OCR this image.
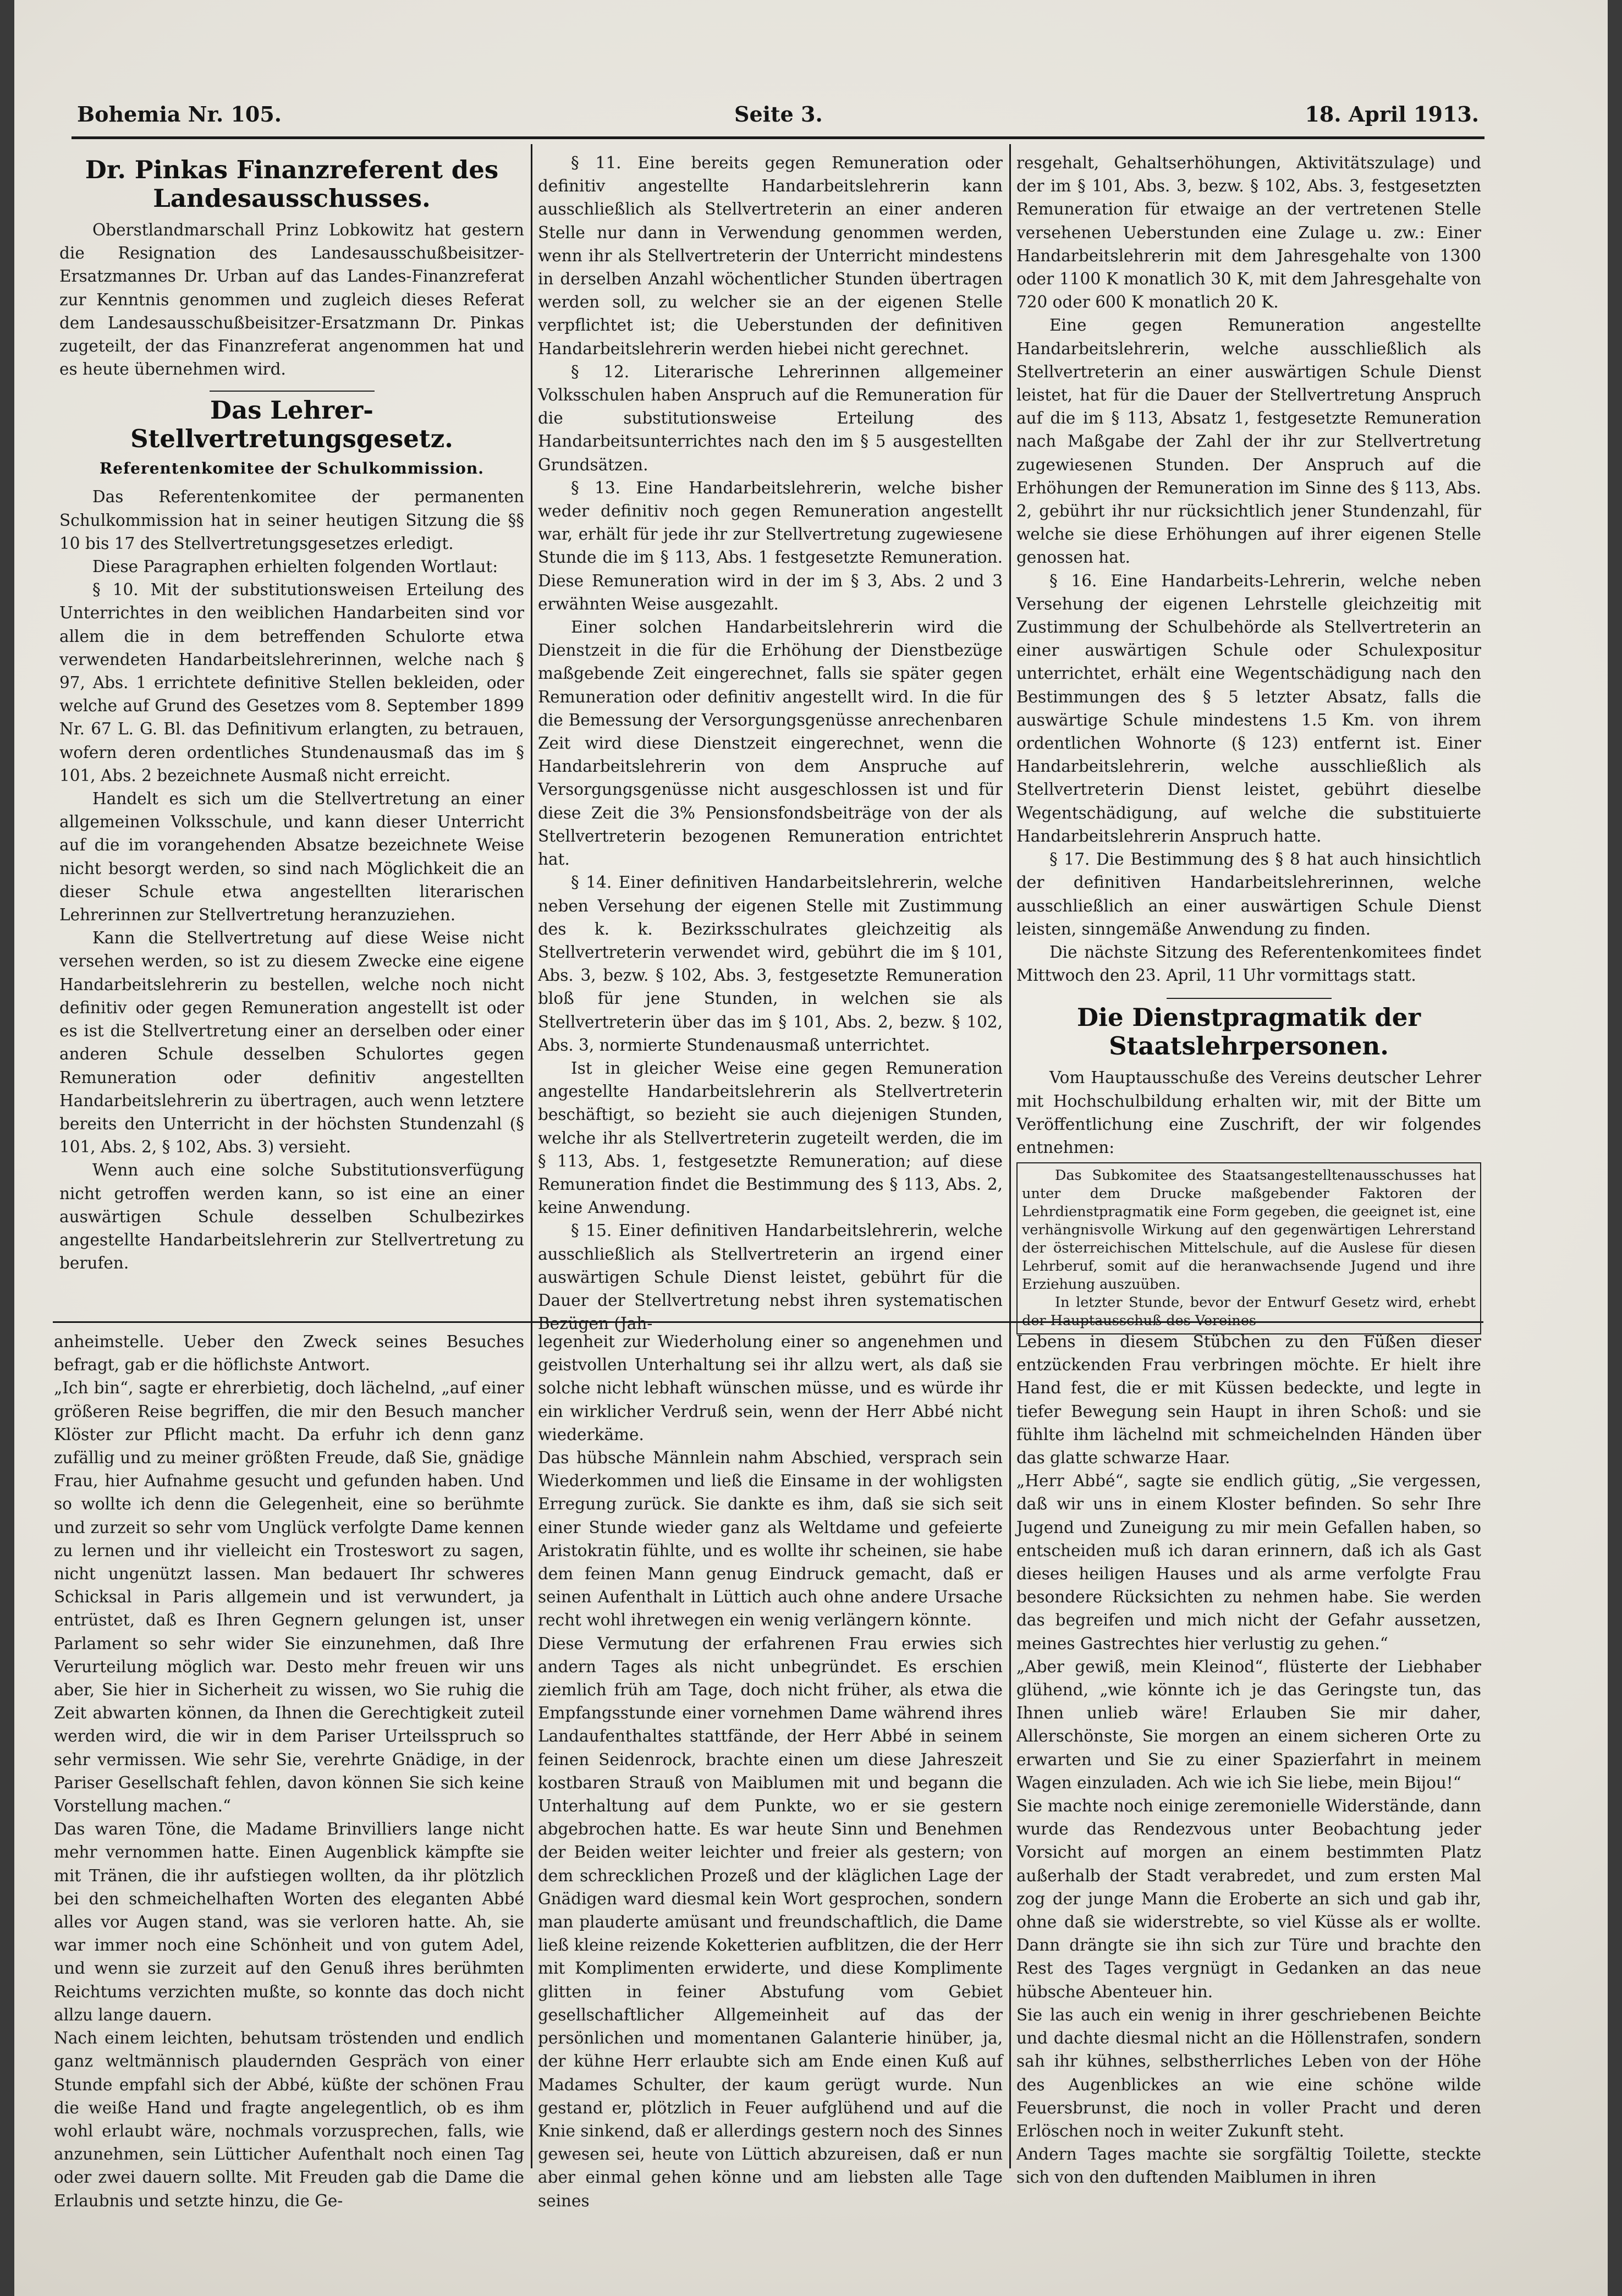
Bohemia Nr. 105.	Seite 3.	18. April 1913.
Dr. Pinkas Finanzreferent des Landesausschusses.

Oberstlandmarschall Prinz Lobkowitz hat gestern die Resignation des Landesausschußbeisitzer-Ersatzmannes Dr. Urban auf das Landes-Finanzreferat zur Kenntnis genommen und zugleich dieses Referat dem Landesausschußbeisitzer-Ersatzmann Dr. Pinkas zugeteilt, der das Finanzreferat angenommen hat und es heute übernehmen wird.

Das Lehrer-Stellvertretungsgesetz.
Referentenkomitee der Schulkommission.

Das Referentenkomitee der permanenten Schulkommission hat in seiner heutigen Sitzung die §§ 10 bis 17 des Stellvertretungsgesetzes erledigt.

Diese Paragraphen erhielten folgenden Wortlaut:

§ 10. Mit der substitutionsweisen Erteilung des Unterrichtes in den weiblichen Handarbeiten sind vor allem die in dem betreffenden Schulorte etwa verwendeten Handarbeitslehrerinnen, welche nach § 97, Abs. 1 errichtete definitive Stellen bekleiden, oder welche auf Grund des Gesetzes vom 8. September 1899 Nr. 67 L. G. Bl. das Definitivum erlangten, zu betrauen, wofern deren ordentliches Stundenausmaß das im § 101, Abs. 2 bezeichnete Ausmaß nicht erreicht.

Handelt es sich um die Stellvertretung an einer allgemeinen Volksschule, und kann dieser Unterricht auf die im vorangehenden Absatze bezeichnete Weise nicht besorgt werden, so sind nach Möglichkeit die an dieser Schule etwa angestellten literarischen Lehrerinnen zur Stellvertretung heranzuziehen.

Kann die Stellvertretung auf diese Weise nicht versehen werden, so ist zu diesem Zwecke eine eigene Handarbeitslehrerin zu bestellen, welche noch nicht definitiv oder gegen Remuneration angestellt ist oder es ist die Stellvertretung einer an derselben oder einer anderen Schule desselben Schulortes gegen Remuneration oder definitiv angestellten Handarbeitslehrerin zu übertragen, auch wenn letztere bereits den Unterricht in der höchsten Stundenzahl (§ 101, Abs. 2, § 102, Abs. 3) versieht.

Wenn auch eine solche Substitutionsverfügung nicht getroffen werden kann, so ist eine an einer auswärtigen Schule desselben Schulbezirkes angestellte Handarbeitslehrerin zur Stellvertretung zu berufen.

§ 11. Eine bereits gegen Remuneration oder definitiv angestellte Handarbeitslehrerin kann ausschließlich als Stellvertreterin an einer anderen Stelle nur dann in Verwendung genommen werden, wenn ihr als Stellvertreterin der Unterricht mindestens in derselben Anzahl wöchentlicher Stunden übertragen werden soll, zu welcher sie an der eigenen Stelle verpflichtet ist; die Ueberstunden der definitiven Handarbeitslehrerin werden hiebei nicht gerechnet.

§ 12. Literarische Lehrerinnen allgemeiner Volksschulen haben Anspruch auf die Remuneration für die substitutionsweise Erteilung des Handarbeitsunterrichtes nach den im § 5 ausgestellten Grundsätzen.

§ 13. Eine Handarbeitslehrerin, welche bisher weder definitiv noch gegen Remuneration angestellt war, erhält für jede ihr zur Stellvertretung zugewiesene Stunde die im § 113, Abs. 1 festgesetzte Remuneration. Diese Remuneration wird in der im § 3, Abs. 2 und 3 erwähnten Weise ausgezahlt.

Einer solchen Handarbeitslehrerin wird die Dienstzeit in die für die Erhöhung der Dienstbezüge maßgebende Zeit eingerechnet, falls sie später gegen Remuneration oder definitiv angestellt wird. In die für die Bemessung der Versorgungsgenüsse anrechenbaren Zeit wird diese Dienstzeit eingerechnet, wenn die Handarbeitslehrerin von dem Anspruche auf Versorgungsgenüsse nicht ausgeschlossen ist und für diese Zeit die 3% Pensionsfondsbeiträge von der als Stellvertreterin bezogenen Remuneration entrichtet hat.

§ 14. Einer definitiven Handarbeitslehrerin, welche neben Versehung der eigenen Stelle mit Zustimmung des k. k. Bezirksschulrates gleichzeitig als Stellvertreterin verwendet wird, gebührt die im § 101, Abs. 3, bezw. § 102, Abs. 3, festgesetzte Remuneration bloß für jene Stunden, in welchen sie als Stellvertreterin über das im § 101, Abs. 2, bezw. § 102, Abs. 3, normierte Stundenausmaß unterrichtet.

Ist in gleicher Weise eine gegen Remuneration angestellte Handarbeitslehrerin als Stellvertreterin beschäftigt, so bezieht sie auch diejenigen Stunden, welche ihr als Stellvertreterin zugeteilt werden, die im § 113, Abs. 1, festgesetzte Remuneration; auf diese Remuneration findet die Bestimmung des § 113, Abs. 2, keine Anwendung.

§ 15. Einer definitiven Handarbeitslehrerin, welche ausschließlich als Stellvertreterin an irgend einer auswärtigen Schule Dienst leistet, gebührt für die Dauer der Stellvertretung nebst ihren systematischen Bezügen (Jah-

resgehalt, Gehaltserhöhungen, Aktivitätszulage) und der im § 101, Abs. 3, bezw. § 102, Abs. 3, festgesetzten Remuneration für etwaige an der vertretenen Stelle versehenen Ueberstunden eine Zulage u. zw.: Einer Handarbeitslehrerin mit dem Jahresgehalte von 1300 oder 1100 K monatlich 30 K, mit dem Jahresgehalte von 720 oder 600 K monatlich 20 K.

Eine gegen Remuneration angestellte Handarbeitslehrerin, welche ausschließlich als Stellvertreterin an einer auswärtigen Schule Dienst leistet, hat für die Dauer der Stellvertretung Anspruch auf die im § 113, Absatz 1, festgesetzte Remuneration nach Maßgabe der Zahl der ihr zur Stellvertretung zugewiesenen Stunden. Der Anspruch auf die Erhöhungen der Remuneration im Sinne des § 113, Abs. 2, gebührt ihr nur rücksichtlich jener Stundenzahl, für welche sie diese Erhöhungen auf ihrer eigenen Stelle genossen hat.

§ 16. Eine Handarbeits-Lehrerin, welche neben Versehung der eigenen Lehrstelle gleichzeitig mit Zustimmung der Schulbehörde als Stellvertreterin an einer auswärtigen Schule oder Schulexpositur unterrichtet, erhält eine Wegentschädigung nach den Bestimmungen des § 5 letzter Absatz, falls die auswärtige Schule mindestens 1.5 Km. von ihrem ordentlichen Wohnorte (§ 123) entfernt ist. Einer Handarbeitslehrerin, welche ausschließlich als Stellvertreterin Dienst leistet, gebührt dieselbe Wegentschädigung, auf welche die substituierte Handarbeitslehrerin Anspruch hatte.

§ 17. Die Bestimmung des § 8 hat auch hinsichtlich der definitiven Handarbeitslehrerinnen, welche ausschließlich an einer auswärtigen Schule Dienst leisten, sinngemäße Anwendung zu finden.

Die nächste Sitzung des Referentenkomitees findet Mittwoch den 23. April, 11 Uhr vormittags statt.

Die Dienstpragmatik der Staatslehrpersonen.

Vom Hauptausschuße des Vereins deutscher Lehrer mit Hochschulbildung erhalten wir, mit der Bitte um Veröffentlichung eine Zuschrift, der wir folgendes entnehmen:

Das Subkomitee des Staatsangestelltenausschusses hat unter dem Drucke maßgebender Faktoren der Lehrdienstpragmatik eine Form gegeben, die geeignet ist, eine verhängnisvolle Wirkung auf den gegenwärtigen Lehrerstand der österreichischen Mittelschule, auf die Auslese für diesen Lehrberuf, somit auf die heranwachsende Jugend und ihre Erziehung auszuüben.

In letzter Stunde, bevor der Entwurf Gesetz wird, erhebt der Hauptausschuß des Vereines

anheimstelle. Ueber den Zweck seines Besuches befragt, gab er die höflichste Antwort.
„Ich bin“, sagte er ehrerbietig, doch lächelnd, „auf einer größeren Reise begriffen, die mir den Besuch mancher Klöster zur Pflicht macht. Da erfuhr ich denn ganz zufällig und zu meiner größten Freude, daß Sie, gnädige Frau, hier Aufnahme gesucht und gefunden haben. Und so wollte ich denn die Gelegenheit, eine so berühmte und zurzeit so sehr vom Unglück verfolgte Dame kennen zu lernen und ihr vielleicht ein Trosteswort zu sagen, nicht ungenützt lassen. Man bedauert Ihr schweres Schicksal in Paris allgemein und ist verwundert, ja entrüstet, daß es Ihren Gegnern gelungen ist, unser Parlament so sehr wider Sie einzunehmen, daß Ihre Verurteilung möglich war. Desto mehr freuen wir uns aber, Sie hier in Sicherheit zu wissen, wo Sie ruhig die Zeit abwarten können, da Ihnen die Gerechtigkeit zuteil werden wird, die wir in dem Pariser Urteilsspruch so sehr vermissen. Wie sehr Sie, verehrte Gnädige, in der Pariser Gesellschaft fehlen, davon können Sie sich keine Vorstellung machen.“
Das waren Töne, die Madame Brinvilliers lange nicht mehr vernommen hatte. Einen Augenblick kämpfte sie mit Tränen, die ihr aufstiegen wollten, da ihr plötzlich bei den schmeichelhaften Worten des eleganten Abbé alles vor Augen stand, was sie verloren hatte. Ah, sie war immer noch eine Schönheit und von gutem Adel, und wenn sie zurzeit auf den Genuß ihres berühmten Reichtums verzichten mußte, so konnte das doch nicht allzu lange dauern.
Nach einem leichten, behutsam tröstenden und endlich ganz weltmännisch plaudernden Gespräch von einer Stunde empfahl sich der Abbé, küßte der schönen Frau die weiße Hand und fragte angelegentlich, ob es ihm wohl erlaubt wäre, nochmals vorzusprechen, falls, wie anzunehmen, sein Lütticher Aufenthalt noch einen Tag oder zwei dauern sollte. Mit Freuden gab die Dame die Erlaubnis und setzte hinzu, die Ge-
legenheit zur Wiederholung einer so angenehmen und geistvollen Unterhaltung sei ihr allzu wert, als daß sie solche nicht lebhaft wünschen müsse, und es würde ihr ein wirklicher Verdruß sein, wenn der Herr Abbé nicht wiederkäme.
Das hübsche Männlein nahm Abschied, versprach sein Wiederkommen und ließ die Einsame in der wohligsten Erregung zurück. Sie dankte es ihm, daß sie sich seit einer Stunde wieder ganz als Weltdame und gefeierte Aristokratin fühlte, und es wollte ihr scheinen, sie habe dem feinen Mann genug Eindruck gemacht, daß er seinen Aufenthalt in Lüttich auch ohne andere Ursache recht wohl ihretwegen ein wenig verlängern könnte.
Diese Vermutung der erfahrenen Frau erwies sich andern Tages als nicht unbegründet. Es erschien ziemlich früh am Tage, doch nicht früher, als etwa die Empfangsstunde einer vornehmen Dame während ihres Landaufenthaltes stattfände, der Herr Abbé in seinem feinen Seidenrock, brachte einen um diese Jahreszeit kostbaren Strauß von Maiblumen mit und begann die Unterhaltung auf dem Punkte, wo er sie gestern abgebrochen hatte. Es war heute Sinn und Benehmen der Beiden weiter leichter und freier als gestern; von dem schrecklichen Prozeß und der kläglichen Lage der Gnädigen ward diesmal kein Wort gesprochen, sondern man plauderte amüsant und freundschaftlich, die Dame ließ kleine reizende Koketterien aufblitzen, die der Herr mit Komplimenten erwiderte, und diese Komplimente glitten in feiner Abstufung vom Gebiet gesellschaftlicher Allgemeinheit auf das der persönlichen und momentanen Galanterie hinüber, ja, der kühne Herr erlaubte sich am Ende einen Kuß auf Madames Schulter, der kaum gerügt wurde. Nun gestand er, plötzlich in Feuer aufglühend und auf die Knie sinkend, daß er allerdings gestern noch des Sinnes gewesen sei, heute von Lüttich abzureisen, daß er nun aber einmal gehen könne und am liebsten alle Tage seines
Lebens in diesem Stübchen zu den Füßen dieser entzückenden Frau verbringen möchte. Er hielt ihre Hand fest, die er mit Küssen bedeckte, und legte in tiefer Bewegung sein Haupt in ihren Schoß: und sie fühlte ihm lächelnd mit schmeichelnden Händen über das glatte schwarze Haar.
„Herr Abbé“, sagte sie endlich gütig, „Sie vergessen, daß wir uns in einem Kloster befinden. So sehr Ihre Jugend und Zuneigung zu mir mein Gefallen haben, so entscheiden muß ich daran erinnern, daß ich als Gast dieses heiligen Hauses und als arme verfolgte Frau besondere Rücksichten zu nehmen habe. Sie werden das begreifen und mich nicht der Gefahr aussetzen, meines Gastrechtes hier verlustig zu gehen.“
„Aber gewiß, mein Kleinod“, flüsterte der Liebhaber glühend, „wie könnte ich je das Geringste tun, das Ihnen unlieb wäre! Erlauben Sie mir daher, Allerschönste, Sie morgen an einem sicheren Orte zu erwarten und Sie zu einer Spazierfahrt in meinem Wagen einzuladen. Ach wie ich Sie liebe, mein Bijou!“
Sie machte noch einige zeremonielle Widerstände, dann wurde das Rendezvous unter Beobachtung jeder Vorsicht auf morgen an einem bestimmten Platz außerhalb der Stadt verabredet, und zum ersten Mal zog der junge Mann die Eroberte an sich und gab ihr, ohne daß sie widerstrebte, so viel Küsse als er wollte. Dann drängte sie ihn sich zur Türe und brachte den Rest des Tages vergnügt in Gedanken an das neue hübsche Abenteuer hin.
Sie las auch ein wenig in ihrer geschriebenen Beichte und dachte diesmal nicht an die Höllenstrafen, sondern sah ihr kühnes, selbstherrliches Leben von der Höhe des Augenblickes an wie eine schöne wilde Feuersbrunst, die noch in voller Pracht und deren Erlöschen noch in weiter Zukunft steht.
Andern Tages machte sie sorgfältig Toilette, steckte sich von den duftenden Maiblumen in ihren
